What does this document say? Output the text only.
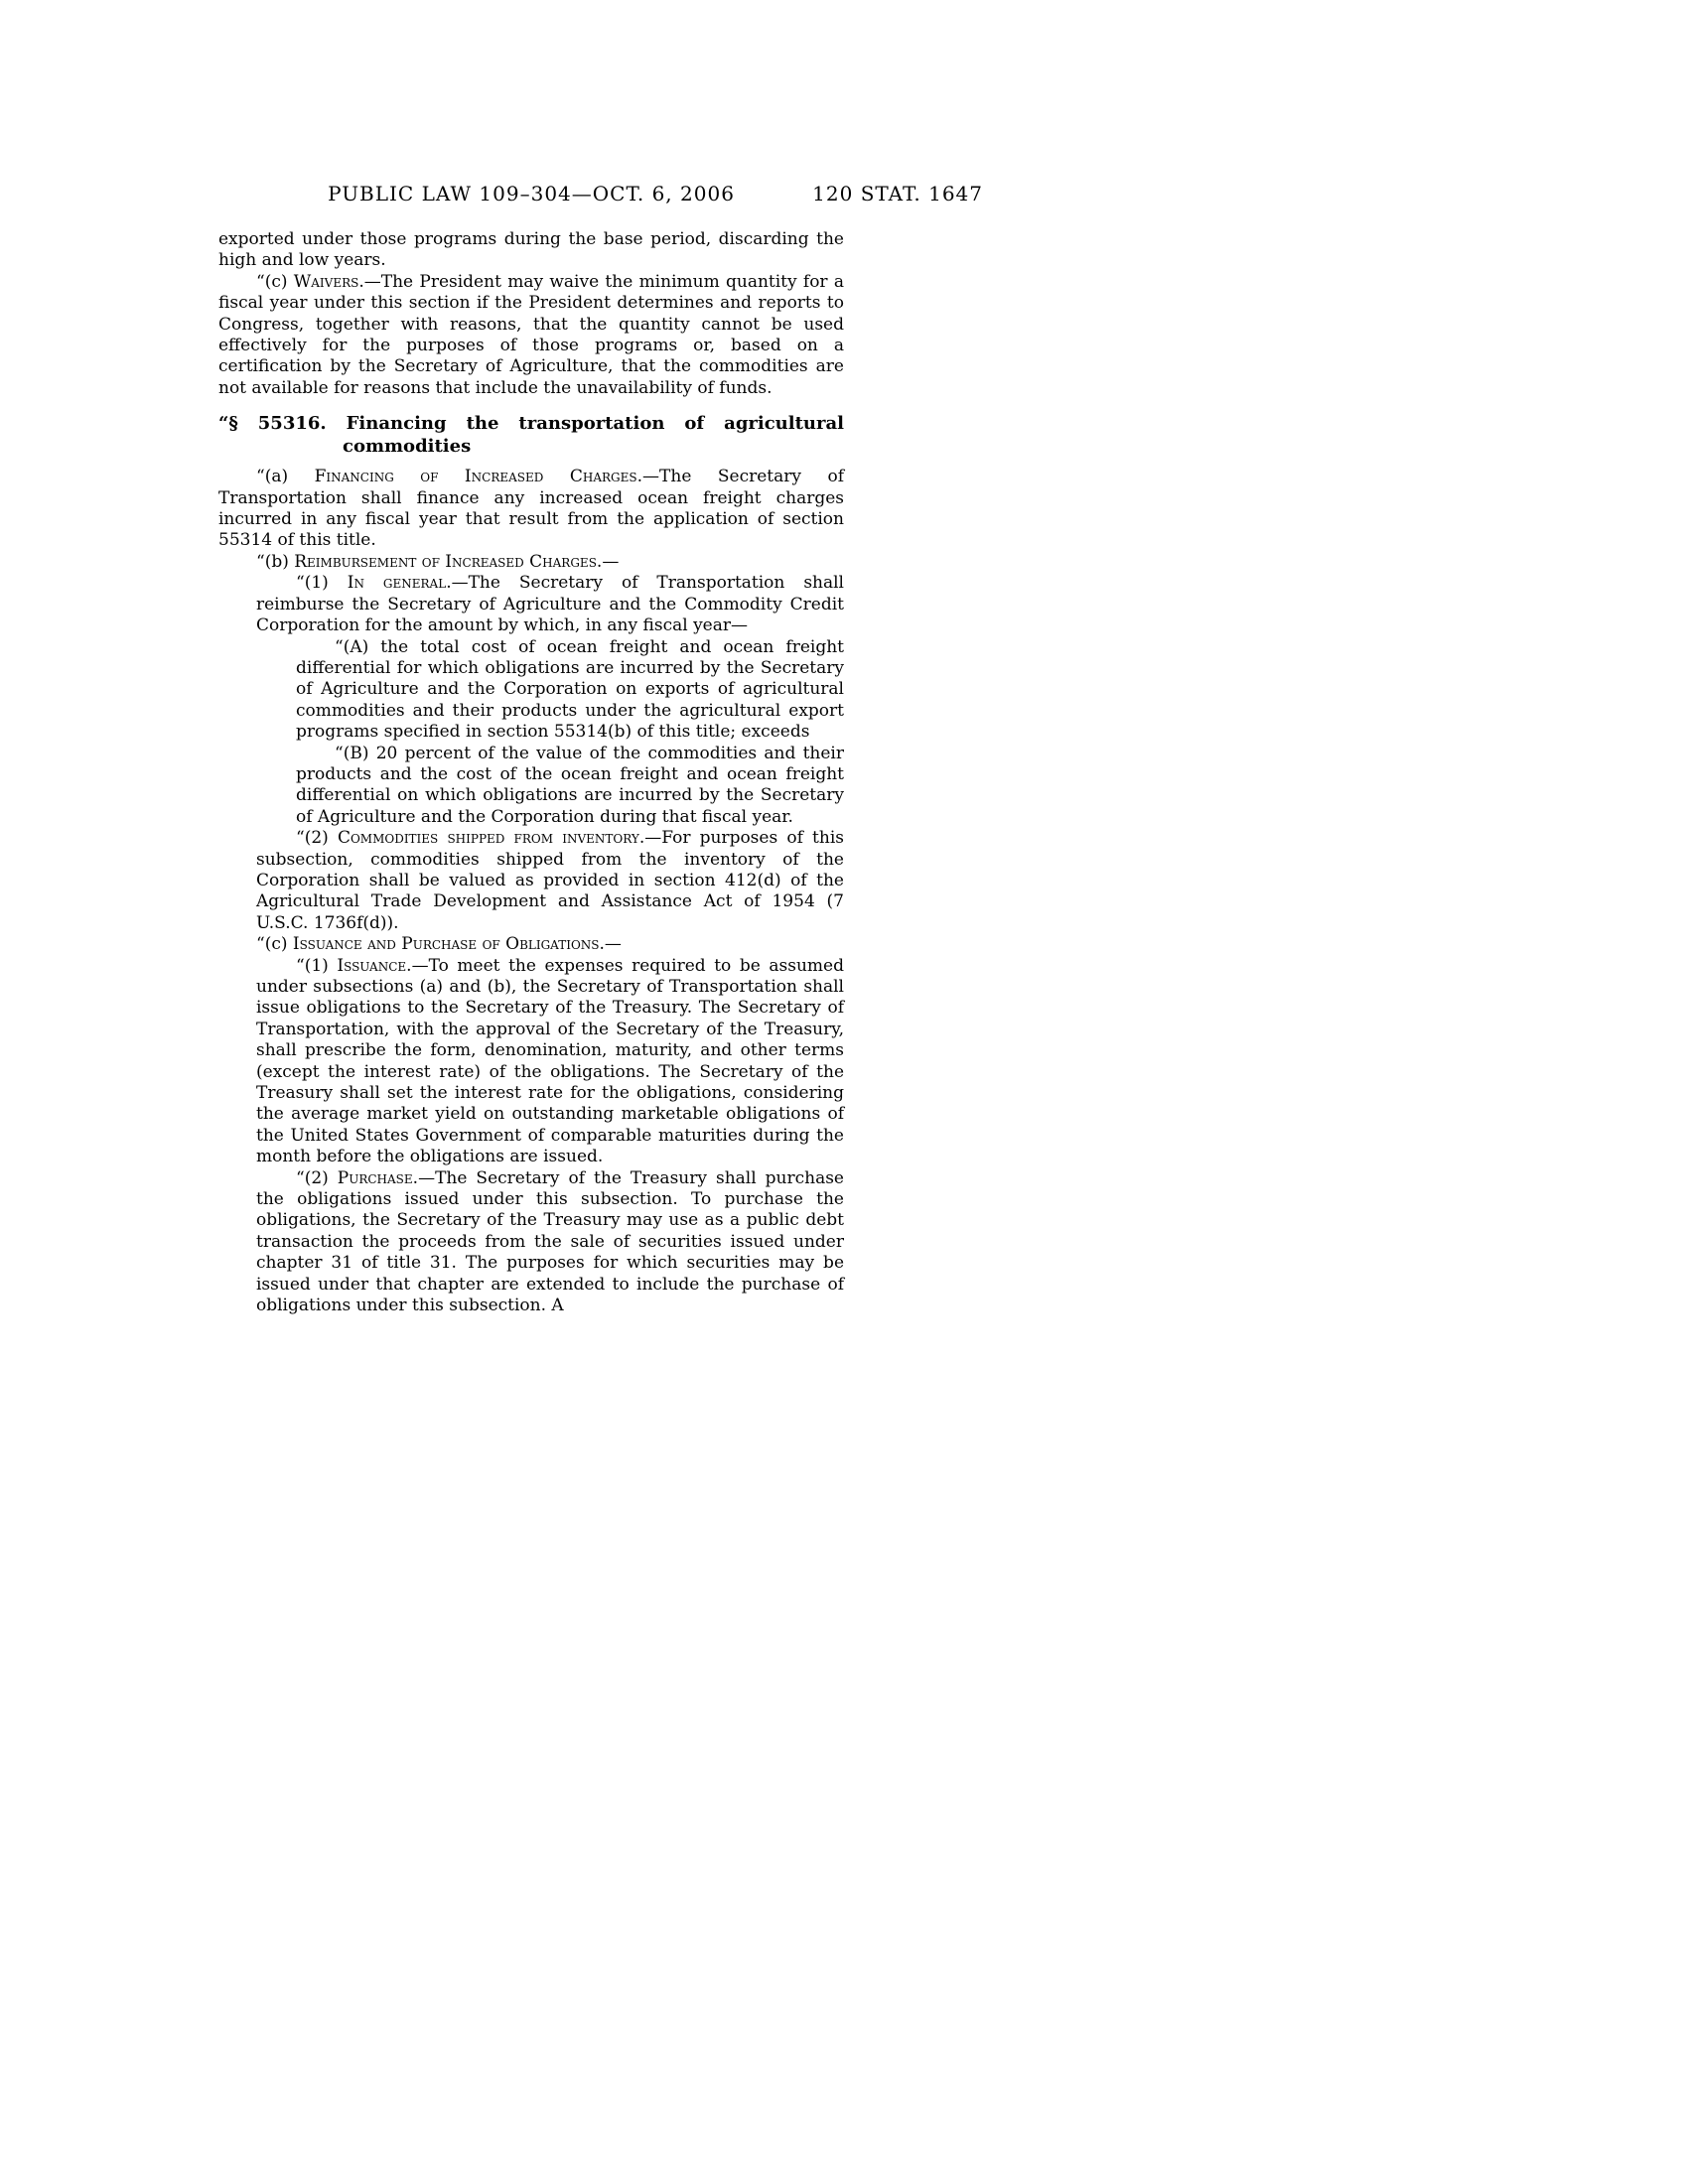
PUBLIC LAW 109–304—OCT. 6, 2006	120 STAT. 1647
exported under those programs during the base period, discarding the high and low years.
“(c) Waivers.—The President may waive the minimum quantity for a fiscal year under this section if the President determines and reports to Congress, together with reasons, that the quantity cannot be used effectively for the purposes of those programs or, based on a certification by the Secretary of Agriculture, that the commodities are not available for reasons that include the unavailability of funds.
“§ 55316. Financing the transportation of agricultural
commodities
“(a) Financing of Increased Charges.—The Secretary of Transportation shall finance any increased ocean freight charges incurred in any fiscal year that result from the application of section 55314 of this title.
“(b) Reimbursement of Increased Charges.—
“(1) In general.—The Secretary of Transportation shall reimburse the Secretary of Agriculture and the Commodity Credit Corporation for the amount by which, in any fiscal year—
“(A) the total cost of ocean freight and ocean freight differential for which obligations are incurred by the Secretary of Agriculture and the Corporation on exports of agricultural commodities and their products under the agricultural export programs specified in section 55314(b) of this title; exceeds
“(B) 20 percent of the value of the commodities and their products and the cost of the ocean freight and ocean freight differential on which obligations are incurred by the Secretary of Agriculture and the Corporation during that fiscal year.
“(2) Commodities shipped from inventory.—For purposes of this subsection, commodities shipped from the inventory of the Corporation shall be valued as provided in section 412(d) of the Agricultural Trade Development and Assistance Act of 1954 (7 U.S.C. 1736f(d)).
“(c) Issuance and Purchase of Obligations.—
“(1) Issuance.—To meet the expenses required to be assumed under subsections (a) and (b), the Secretary of Transportation shall issue obligations to the Secretary of the Treasury. The Secretary of Transportation, with the approval of the Secretary of the Treasury, shall prescribe the form, denomination, maturity, and other terms (except the interest rate) of the obligations. The Secretary of the Treasury shall set the interest rate for the obligations, considering the average market yield on outstanding marketable obligations of the United States Government of comparable maturities during the month before the obligations are issued.
“(2) Purchase.—The Secretary of the Treasury shall purchase the obligations issued under this subsection. To purchase the obligations, the Secretary of the Treasury may use as a public debt transaction the proceeds from the sale of securities issued under chapter 31 of title 31. The purposes for which securities may be issued under that chapter are extended to include the purchase of obligations under this subsection. A
